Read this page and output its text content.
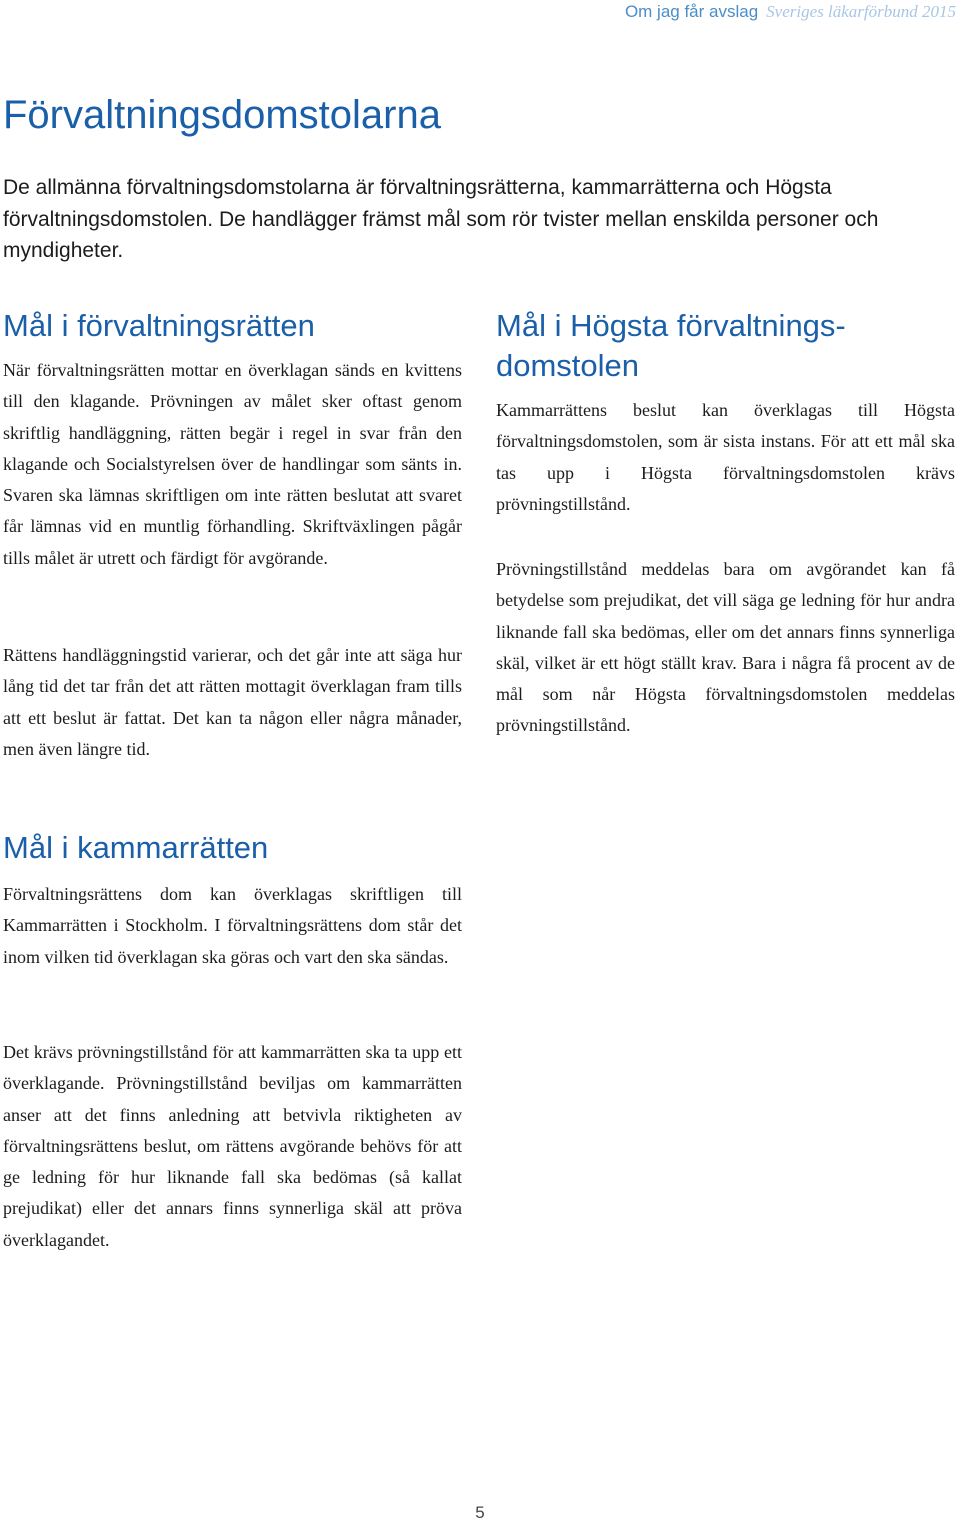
Om jag får avslag Sveriges läkarförbund 2015
Förvaltningsdomstolarna

De allmänna förvaltningsdomstolarna är förvaltningsrätterna, kammarrätterna och Högsta förvaltningsdomstolen. De handlägger främst mål som rör tvister mellan enskilda personer och myndigheter.

Mål i förvaltningsrätten

När förvaltningsrätten mottar en överklagan sänds en kvittens till den klagande. Prövningen av målet sker oftast genom skriftlig handläggning, rätten begär i regel in svar från den klagande och Socialstyrelsen över de handlingar som sänts in. Svaren ska lämnas skriftligen om inte rätten beslutat att svaret får lämnas vid en muntlig förhandling. Skriftväxlingen pågår tills målet är utrett och färdigt för avgörande.

Rättens handläggningstid varierar, och det går inte att säga hur lång tid det tar från det att rätten mottagit överklagan fram tills att ett beslut är fattat. Det kan ta någon eller några månader, men även längre tid.

Mål i Högsta förvaltnings-
domstolen

Kammarrättens beslut kan överklagas till Högsta förvaltningsdomstolen, som är sista instans. För att ett mål ska tas upp i Högsta förvaltningsdomstolen krävs prövningstillstånd.

Prövningstillstånd meddelas bara om avgörandet kan få betydelse som prejudikat, det vill säga ge ledning för hur andra liknande fall ska bedömas, eller om det annars finns synnerliga skäl, vilket är ett högt ställt krav. Bara i några få procent av de mål som når Högsta förvaltningsdomstolen meddelas prövningstillstånd.

Mål i kammarrätten

Förvaltningsrättens dom kan överklagas skriftligen till Kammarrätten i Stockholm. I förvaltningsrättens dom står det inom vilken tid överklagan ska göras och vart den ska sändas.

Det krävs prövningstillstånd för att kammarrätten ska ta upp ett överklagande. Prövningstillstånd beviljas om kammarrätten anser att det finns anledning att betvivla riktigheten av förvaltningsrättens beslut, om rättens avgörande behövs för att ge ledning för hur liknande fall ska bedömas (så kallat prejudikat) eller det annars finns synnerliga skäl att pröva överklagandet.

5
